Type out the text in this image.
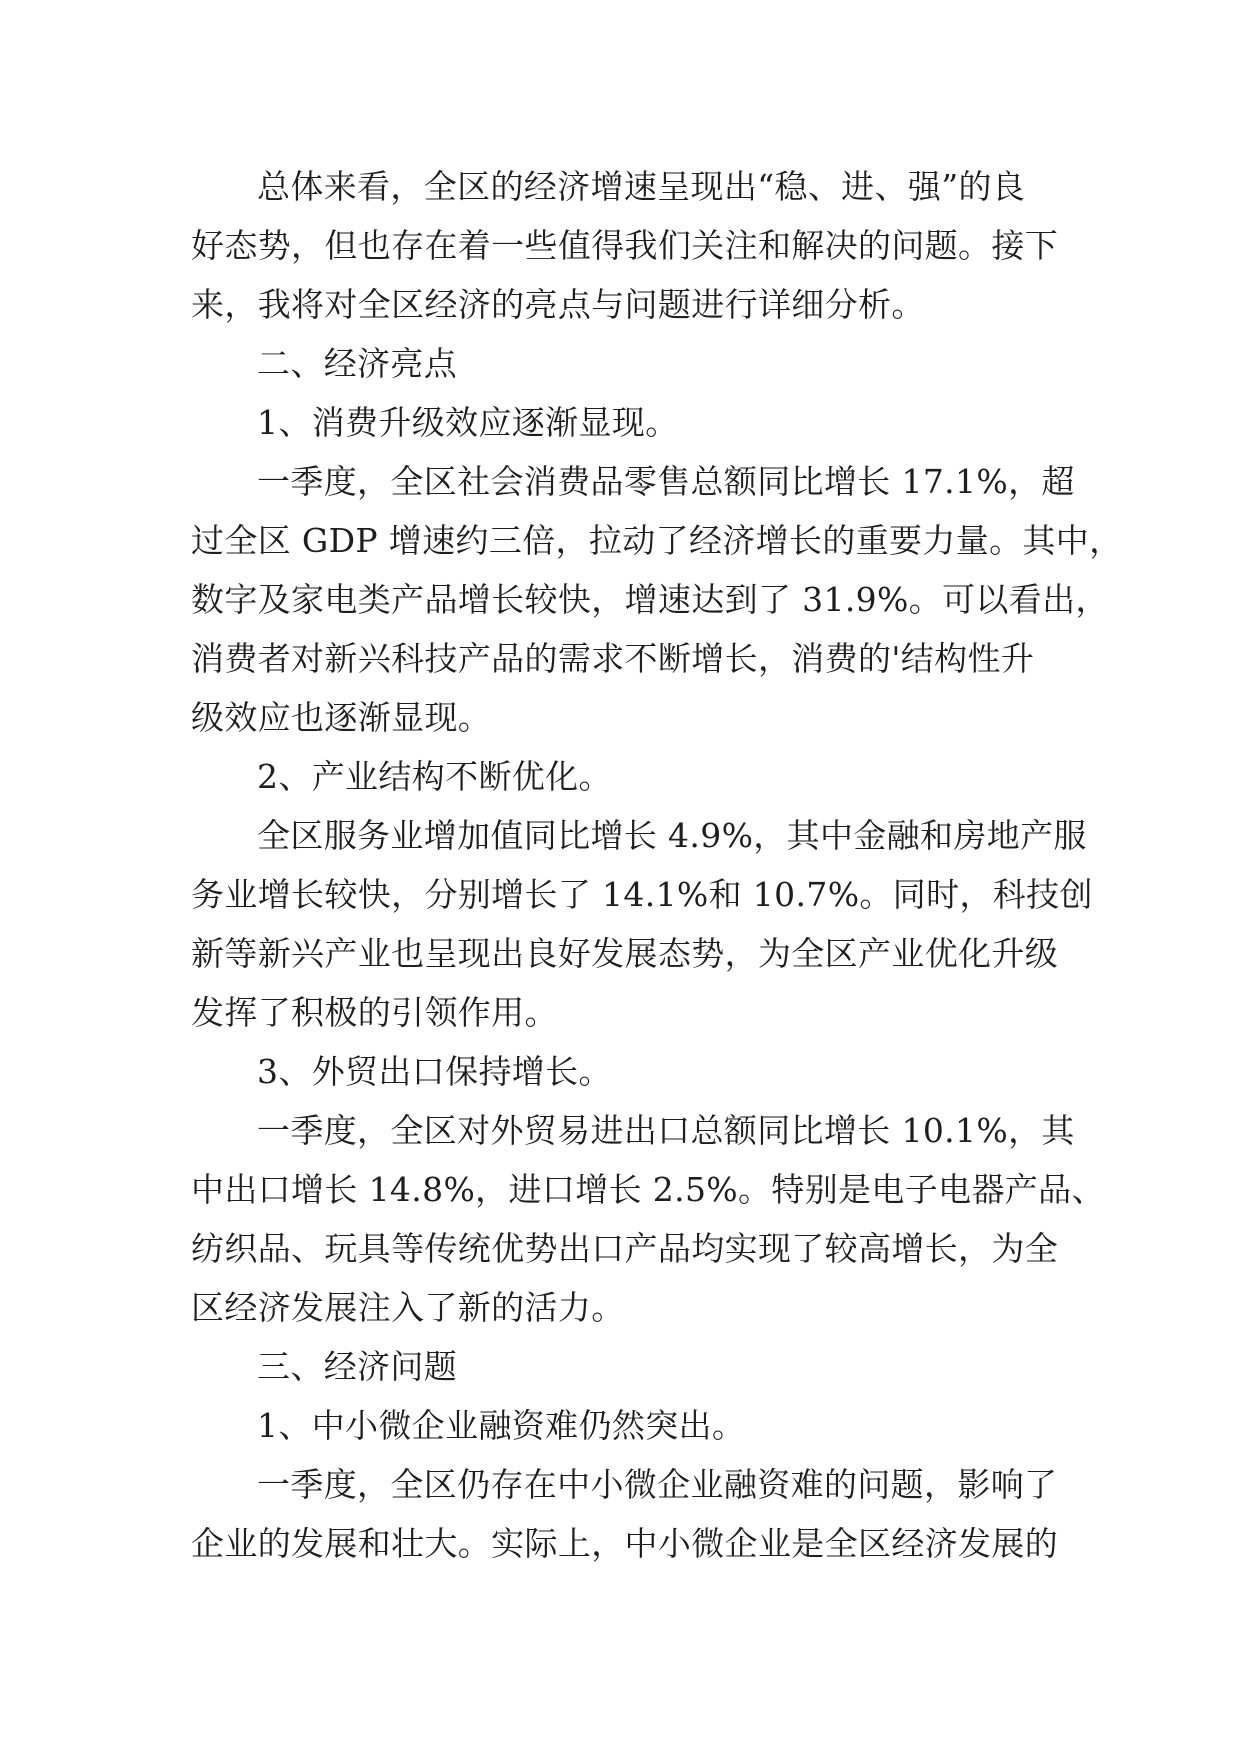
总体来看，全区的经济增速呈现出“稳、进、强”的良
好态势，但也存在着一些值得我们关注和解决的问题。接下
来，我将对全区经济的亮点与问题进行详细分析。

二、经济亮点

1、消费升级效应逐渐显现。

一季度，全区社会消费品零售总额同比增长 17.1%，超
过全区 GDP 增速约三倍，拉动了经济增长的重要力量。其中，
数字及家电类产品增长较快，增速达到了 31.9%。可以看出，
消费者对新兴科技产品的需求不断增长，消费的'结构性升
级效应也逐渐显现。

2、产业结构不断优化。

全区服务业增加值同比增长 4.9%，其中金融和房地产服
务业增长较快，分别增长了 14.1%和 10.7%。同时，科技创
新等新兴产业也呈现出良好发展态势，为全区产业优化升级
发挥了积极的引领作用。

3、外贸出口保持增长。

一季度，全区对外贸易进出口总额同比增长 10.1%，其
中出口增长 14.8%，进口增长 2.5%。特别是电子电器产品、
纺织品、玩具等传统优势出口产品均实现了较高增长，为全
区经济发展注入了新的活力。

三、经济问题

1、中小微企业融资难仍然突出。

一季度，全区仍存在中小微企业融资难的问题，影响了
企业的发展和壮大。实际上，中小微企业是全区经济发展的
